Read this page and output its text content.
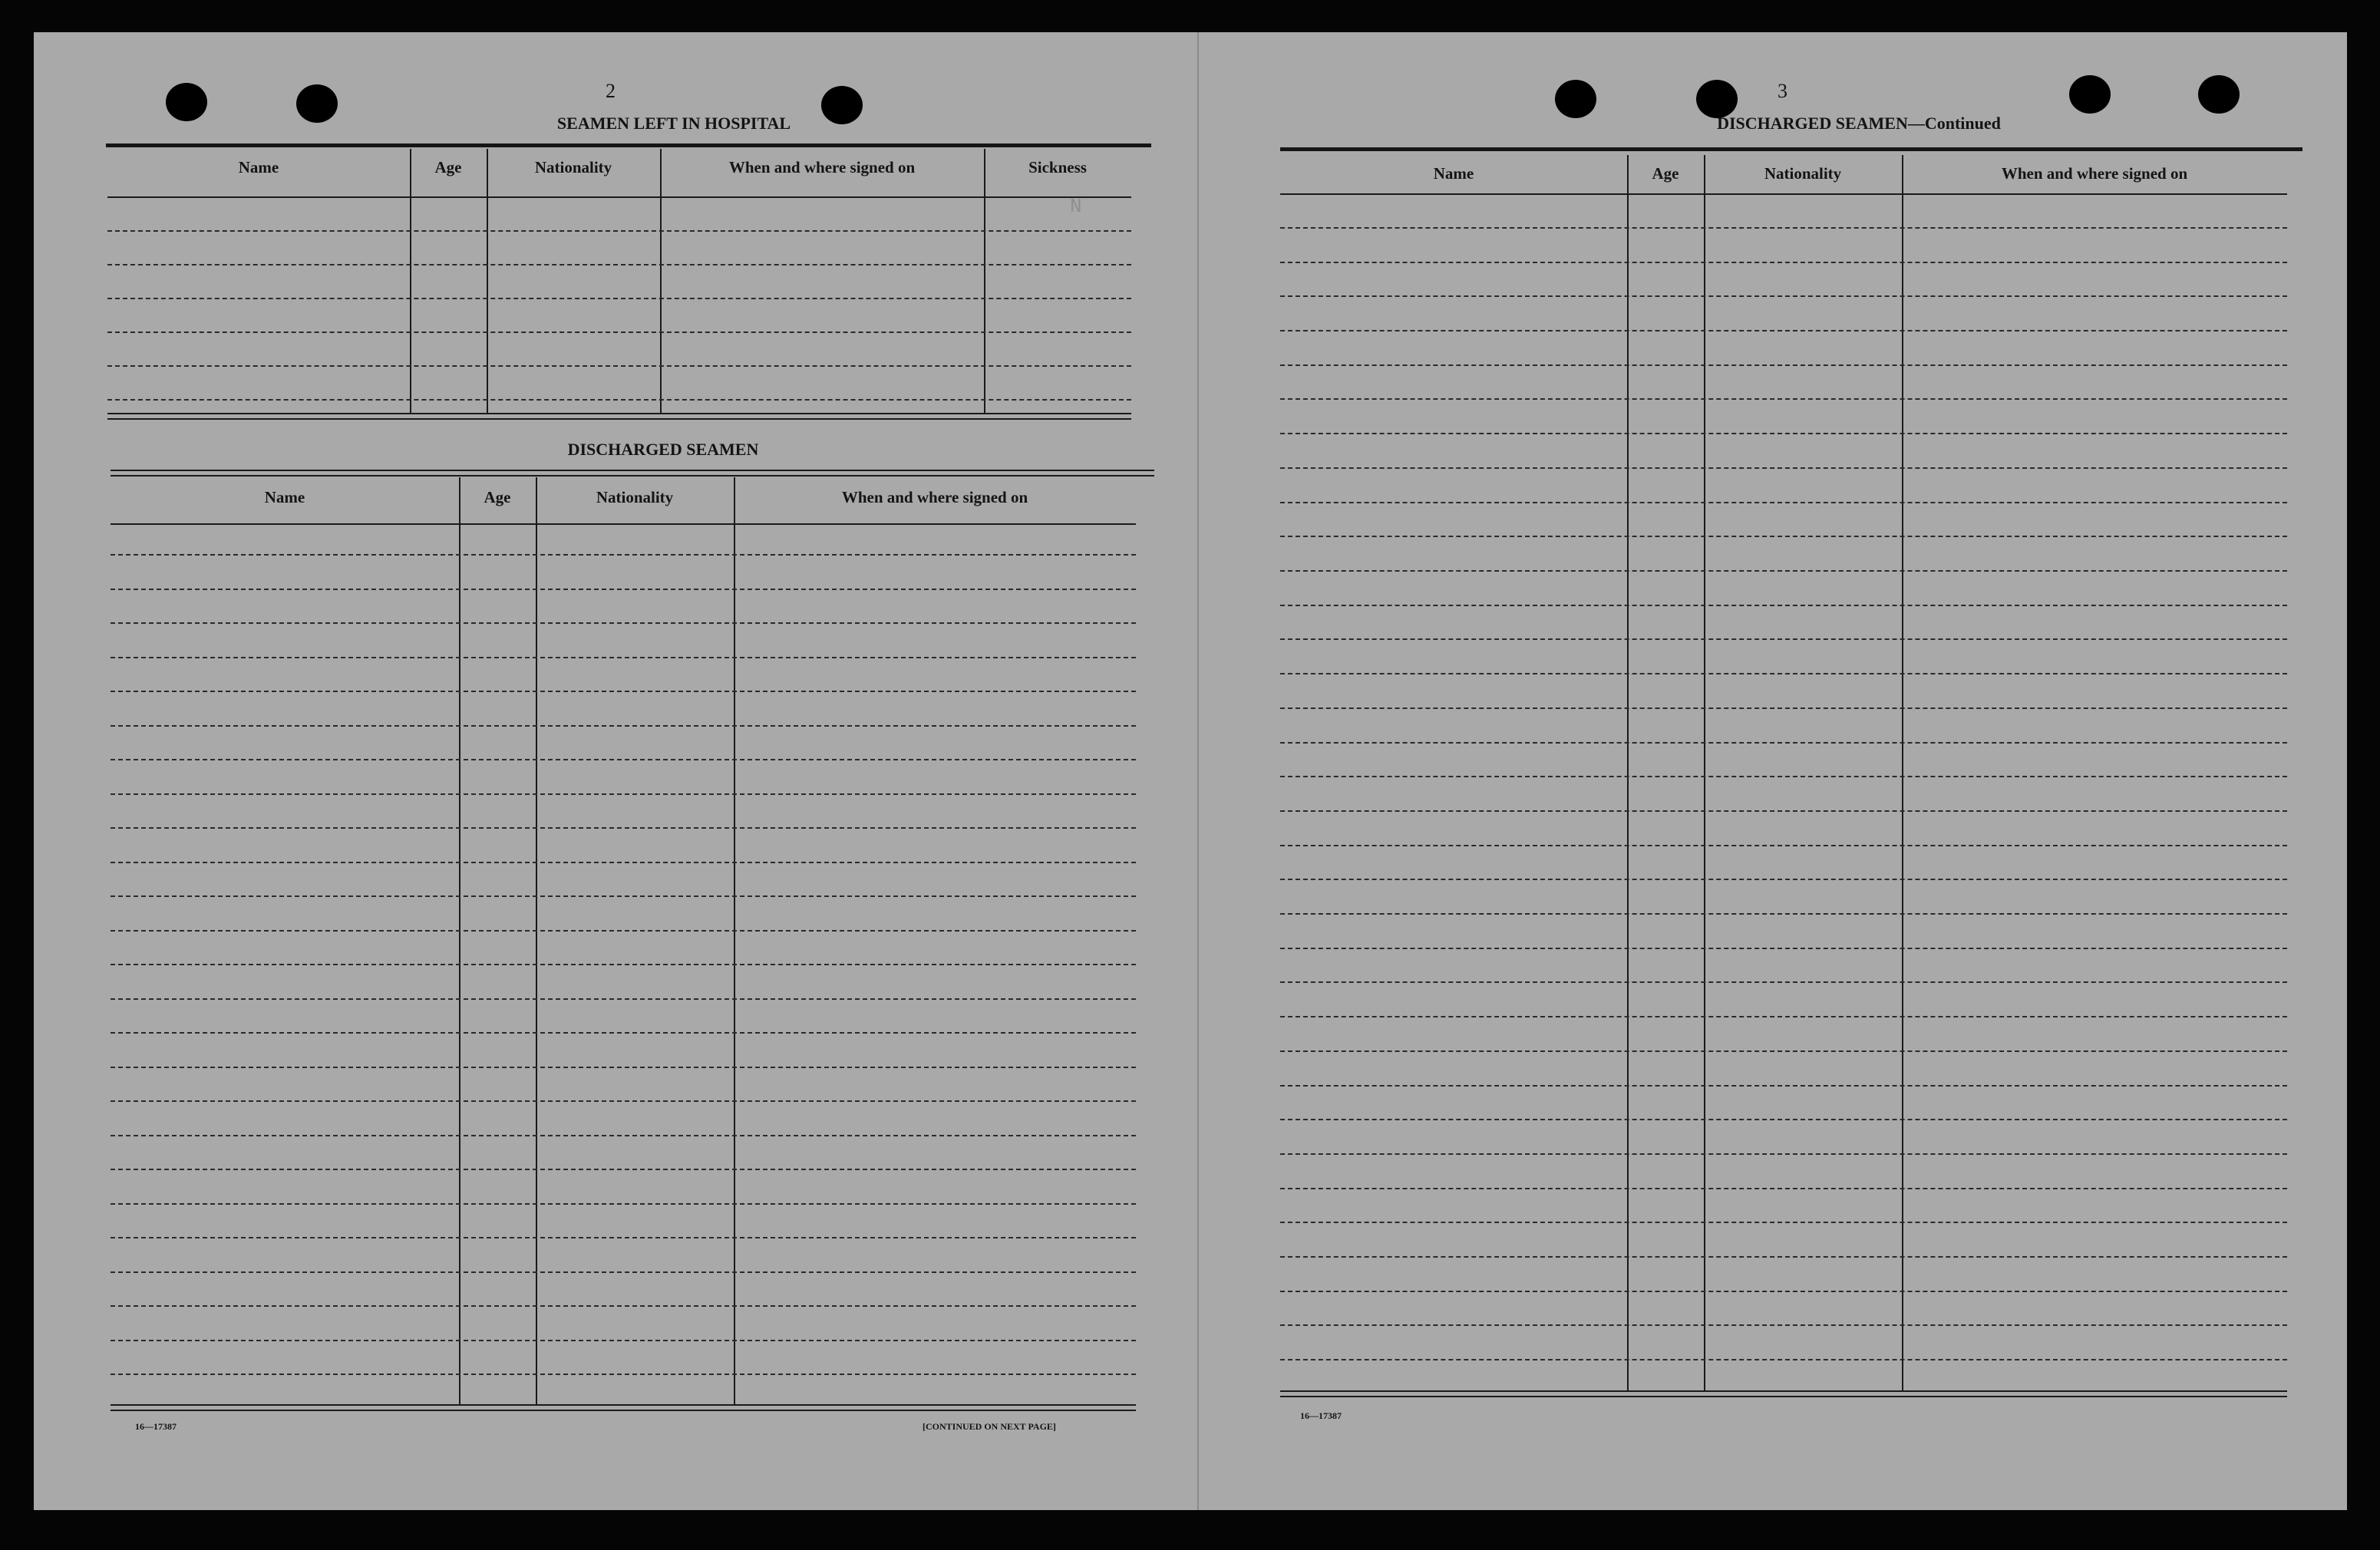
N
2
SEAMEN LEFT IN HOSPITAL
DISCHARGED SEAMEN
16—17387	[CONTINUED ON NEXT PAGE]
Name	Age	Nationality	When and where signed on	Sickness
Name	Age	Nationality	When and where signed on
3
DISCHARGED SEAMEN—Continued
16—17387
Name	Age	Nationality	When and where signed on
